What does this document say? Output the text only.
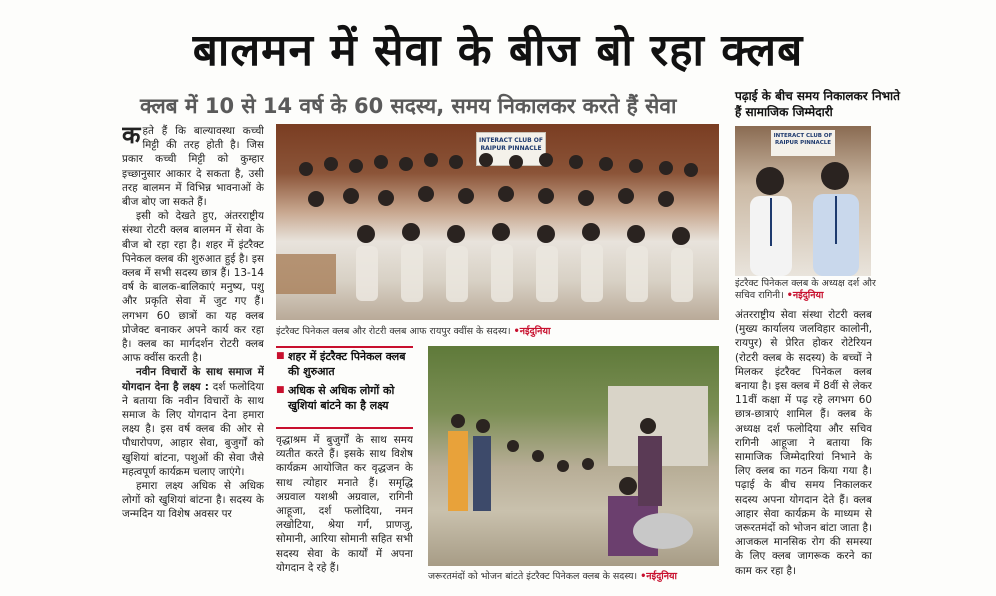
बालमन में सेवा के बीज बो रहा क्लब
क्लब में 10 से 14 वर्ष के 60 सदस्य, समय निकालकर करते हैं सेवा

कहते हैं कि बाल्यावस्था कच्ची मिट्टी की तरह होती है। जिस प्रकार कच्ची मिट्टी को कुम्हार इच्छानुसार आकार दे सकता है, उसी तरह बालमन में विभिन्न भावनाओं के बीज बोए जा सकते हैं।

इसी को देखते हुए, अंतरराष्ट्रीय संस्था रोटरी क्लब बालमन में सेवा के बीज बो रहा रहा है। शहर में इंटरैक्ट पिनेकल क्लब की शुरुआत हुई है। इस क्लब में सभी सदस्य छात्र हैं। 13-14 वर्ष के बालक-बालिकाएं मनुष्य, पशु और प्रकृति सेवा में जुट गए हैं। लगभग 60 छात्रों का यह क्लब प्रोजेक्ट बनाकर अपने कार्य कर रहा है। क्लब का मार्गदर्शन रोटरी क्लब आफ क्वींस करती है।

नवीन विचारों के साथ समाज में योगदान देना है लक्ष्य : दर्श फलोदिया ने बताया कि नवीन विचारों के साथ समाज के लिए योगदान देना हमारा लक्ष्य है। इस वर्ष क्लब की ओर से पौधारोपण, आहार सेवा, बुजुर्गों को खुशियां बांटना, पशुओं की सेवा जैसे महत्वपूर्ण कार्यक्रम चलाए जाएंगे।

हमारा लक्ष्य अधिक से अधिक लोगों को खुशियां बांटना है। सदस्य के जन्मदिन या विशेष अवसर पर

INTERACT CLUB OF RAIPUR PINNACLE
इंटरैक्ट पिनेकल क्लब और रोटरी क्लब आफ रायपुर क्वींस के सदस्य। •नईदुनिया
■ शहर में इंटरैक्ट पिनेकल क्लब की शुरुआत
■ अधिक से अधिक लोगों को खुशियां बांटने का है लक्ष्य

वृद्धाश्रम में बुजुर्गों के साथ समय व्यतीत करते हैं। इसके साथ विशेष कार्यक्रम आयोजित कर वृद्धजन के साथ त्योहार मनाते हैं। समृद्धि अग्रवाल यशश्री अग्रवाल, रागिनी आहूजा, दर्श फलोदिया, नमन लखोटिया, श्रेया गर्ग, प्राणजु, सोमानी, आरिया सोमानी सहित सभी सदस्य सेवा के कार्यों में अपना योगदान दे रहे हैं।

जरूरतमंदों को भोजन बांटते इंटरैक्ट पिनेकल क्लब के सदस्य। •नईदुनिया
पढ़ाई के बीच समय निकालकर निभाते हैं सामाजिक जिम्मेदारी
INTERACT CLUB OF RAIPUR PINNACLE
इंटरैक्ट पिनेकल क्लब के अध्यक्ष दर्श और सचिव रागिनी। •नईदुनिया

अंतरराष्ट्रीय सेवा संस्था रोटरी क्लब (मुख्य कार्यालय जलविहार कालोनी, रायपुर) से प्रेरित होकर रोटेरियन (रोटरी क्लब के सदस्य) के बच्चों ने मिलकर इंटरैक्ट पिनेकल क्लब बनाया है। इस क्लब में 8वीं से लेकर 11वीं कक्षा में पढ़ रहे लगभग 60 छात्र-छात्राएं शामिल हैं। क्लब के अध्यक्ष दर्श फलोदिया और सचिव रागिनी आहूजा ने बताया कि सामाजिक जिम्मेदारियां निभाने के लिए क्लब का गठन किया गया है। पढ़ाई के बीच समय निकालकर सदस्य अपना योगदान देते हैं। क्लब आहार सेवा कार्यक्रम के माध्यम से जरूरतमंदों को भोजन बांटा जाता है। आजकल मानसिक रोग की समस्या के लिए क्लब जागरूक करने का काम कर रहा है।
